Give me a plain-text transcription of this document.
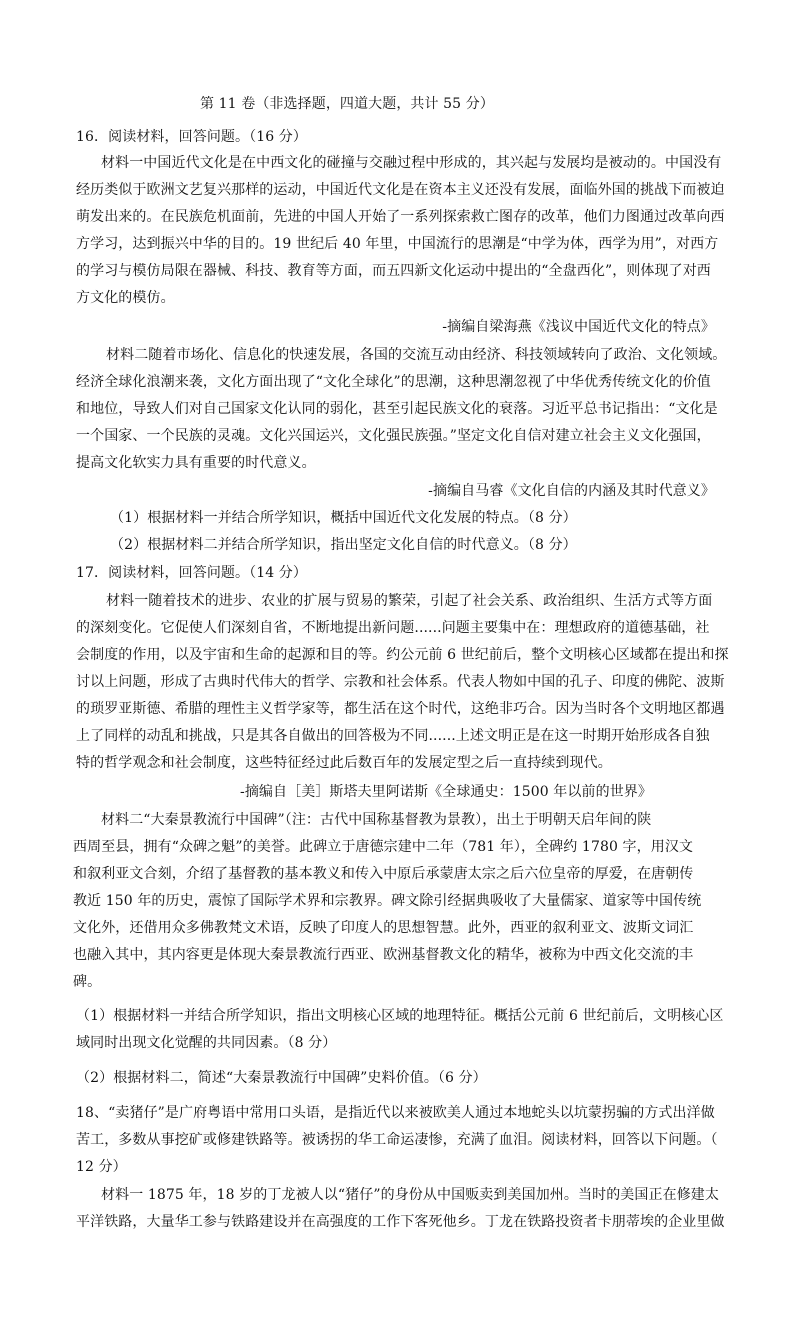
第 11 卷（非选择题，四道大题，共计 55 分）
16．阅读材料，回答问题。（16 分）
材料一中国近代文化是在中西文化的碰撞与交融过程中形成的，其兴起与发展均是被动的。中国没有
经历类似于欧洲文艺复兴那样的运动，中国近代文化是在资本主义还没有发展，面临外国的挑战下而被迫
萌发出来的。在民族危机面前，先进的中国人开始了一系列探索救亡图存的改革，他们力图通过改革向西
方学习，达到振兴中华的目的。19 世纪后 40 年里，中国流行的思潮是“中学为体，西学为用”，对西方
的学习与模仿局限在器械、科技、教育等方面，而五四新文化运动中提出的“全盘西化”，则体现了对西
方文化的模仿。
-摘编自梁海燕《浅议中国近代文化的特点》
材料二随着市场化、信息化的快速发展，各国的交流互动由经济、科技领域转向了政治、文化领域。
经济全球化浪潮来袭，文化方面出现了“文化全球化”的思潮，这种思潮忽视了中华优秀传统文化的价值
和地位，导致人们对自己国家文化认同的弱化，甚至引起民族文化的衰落。习近平总书记指出：“文化是
一个国家、一个民族的灵魂。文化兴国运兴，文化强民族强。”坚定文化自信对建立社会主义文化强国，
提高文化软实力具有重要的时代意义。
-摘编自马睿《文化自信的内涵及其时代意义》
（1）根据材料一并结合所学知识，概括中国近代文化发展的特点。（8 分）
（2）根据材料二并结合所学知识，指出坚定文化自信的时代意义。（8 分）
17．阅读材料，回答问题。（14 分）
材料一随着技术的进步、农业的扩展与贸易的繁荣，引起了社会关系、政治组织、生活方式等方面
的深刻变化。它促使人们深刻自省，不断地提出新问题......问题主要集中在：理想政府的道德基础，社
会制度的作用，以及宇宙和生命的起源和目的等。约公元前 6 世纪前后，整个文明核心区域都在提出和探
讨以上问题，形成了古典时代伟大的哲学、宗教和社会体系。代表人物如中国的孔子、印度的佛陀、波斯
的琐罗亚斯德、希腊的理性主义哲学家等，都生活在这个时代，这绝非巧合。因为当时各个文明地区都遇
上了同样的动乱和挑战，只是其各自做出的回答极为不同......上述文明正是在这一时期开始形成各自独
特的哲学观念和社会制度，这些特征经过此后数百年的发展定型之后一直持续到现代。
-摘编自［美］斯塔夫里阿诺斯《全球通史：1500 年以前的世界》
材料二“大秦景教流行中国碑”（注：古代中国称基督教为景教），出土于明朝天启年间的陕
西周至县，拥有“众碑之魁”的美誉。此碑立于唐德宗建中二年（781 年），全碑约 1780 字，用汉文
和叙利亚文合刻，介绍了基督教的基本教义和传入中原后承蒙唐太宗之后六位皇帝的厚爱，在唐朝传
教近 150 年的历史，震惊了国际学术界和宗教界。碑文除引经据典吸收了大量儒家、道家等中国传统
文化外，还借用众多佛教梵文术语，反映了印度人的思想智慧。此外，西亚的叙利亚文、波斯文词汇
也融入其中，其内容更是体现大秦景教流行西亚、欧洲基督教文化的精华，被称为中西文化交流的丰
碑。
（1）根据材料一并结合所学知识，指出文明核心区域的地理特征。概括公元前 6 世纪前后，文明核心区
域同时出现文化觉醒的共同因素。（8 分）
（2）根据材料二，简述“大秦景教流行中国碑”史料价值。（6 分）
18、“卖猪仔”是广府粤语中常用口头语，是指近代以来被欧美人通过本地蛇头以坑蒙拐骗的方式出洋做
苦工，多数从事挖矿或修建铁路等。被诱拐的华工命运凄惨，充满了血泪。阅读材料，回答以下问题。（
12 分）
材料一 1875 年，18 岁的丁龙被人以“猪仔”的身份从中国贩卖到美国加州。当时的美国正在修建太
平洋铁路，大量华工参与铁路建设并在高强度的工作下客死他乡。丁龙在铁路投资者卡朋蒂埃的企业里做
